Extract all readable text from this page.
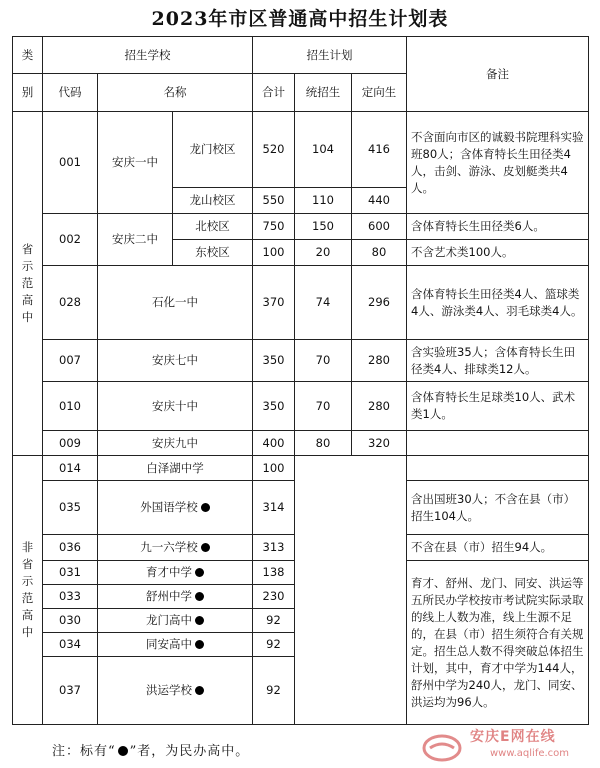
2023年市区普通高中招生计划表
类	招生学校			招生计划			备注
别	代码	名称		合计	统招生	定向生	
省示范高中	001	安庆一中	龙门校区	520	104	416	不含面向市区的诚毅书院理科实验班80人；含体育特长生田径类4人，击剑、游泳、皮划艇类共4人。
			龙山校区	550	110	440	
	002	安庆二中	北校区	750	150	600	含体育特长生田径类6人。
			东校区	100	20	80	不含艺术类100人。
	028	石化一中		370	74	296	含体育特长生田径类4人、篮球类4人、游泳类4人、羽毛球类4人。
	007	安庆七中		350	70	280	含实验班35人；含体育特长生田径类4人、排球类12人。
	010	安庆十中		350	70	280	含体育特长生足球类10人、武术类1人。
	009	安庆九中		400	80	320	
非省示范高中	014	白泽湖中学		100			
	035	外国语学校		314			含出国班30人；不含在县（市）招生104人。
	036	九一六学校		313			不含在县（市）招生94人。
	031	育才中学		138			育才、舒州、龙门、同安、洪运等五所民办学校按市考试院实际录取的线上人数为准，线上生源不足的，在县（市）招生须符合有关规定。招生总人数不得突破总体招生计划，其中，育才中学为144人，舒州中学为240人，龙门、同安、洪运均为96人。
	033	舒州中学		230			
	030	龙门高中		92			
	034	同安高中		92			
	037	洪运学校		92			
注：标有“ ”者，为民办高中。
安庆E网在线
www.aqlife.com
